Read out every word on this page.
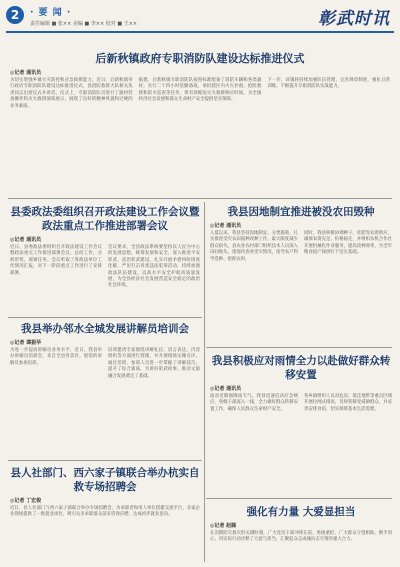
2	· 要 闻 ·
责任编辑 ■ 张×× 美编 ■ 李×× 校对 ■ 王××	彰武时讯
后新秋镇政府专职消防队建设达标推进仪式
◎记者 通讯员

为切实增强乡镇火灾防控和应急救援能力，近日，后新秋镇举行政府专职消防队建设达标推进仪式，县消防救援大队相关负责同志出席仪式并讲话。仪式上，专职消防队员进行了器材装备操作和灭火救援演练展示，展现了良好的精神风貌和过硬的业务素质。

据悉，后新秋镇专职消防队按照标准配备了消防车辆和各类器材，实行二十四小时驻勤备战，承担辖区内火灾扑救、抢险救援和防火巡查等任务，将有效缩短灭火救援响应时间，为全镇经济社会发展和群众生命财产安全提供坚实保障。

下一步，该镇将持续加强队伍管理，完善规章制度，强化日常训练，不断提升专职消防队实战能力。

县委政法委组织召开政法建设工作会议暨政法重点工作推进部署会议
◎记者 通讯员

近日，县委政法委组织召开政法建设工作会议暨政法重点工作推进部署会议，总结工作，分析形势，部署任务。会议听取了各政法单位工作情况汇报，对下一阶段重点工作进行了安排部署。

会议要求，全县政法系统要坚持以人民为中心的发展思想，统筹发展和安全，深入推进平安彰武、法治彰武建设，扎实开展矛盾纠纷排查化解，严厉打击各类违法犯罪活动，持续加强政法队伍建设，以高水平安全护航高质量发展，为全县经济社会发展营造安全稳定的政治社会环境。

我县因地制宜推进被没农田毁种
◎记者 通讯员

入夏以来，我县坚持因地制宜、分类施策，扎实推进受灾农田毁种改种工作，最大限度减少群众损失。县农业农村部门组织技术人员深入田间地头，逐地块查看受灾情况，指导农户科学选种、抢抓农时。

同时，我县积极协调种子、化肥等农资供应，确保农资充足、价格稳定，并组织农机合作社开展机械化作业服务，提高改种效率，为全年粮食稳产保供打下坚实基础。

我县举办邻水全城发展讲解员培训会
◎记者 谭振华

为进一步提高讲解员业务水平，近日，我县举办讲解员培训会，来自全县各景区、展馆的讲解员参加培训。

培训邀请专家围绕讲解礼仪、语言表达、内容组织等方面进行授课，并开展现场实操点评。通过培训，参训人员进一步掌握了讲解技巧，提升了综合素质，为讲好彰武故事、推动文旅融合发展奠定了基础。

我县积极应对雨情全力以赴做好群众转移安置
◎记者 通讯员

面对近期强降雨天气，我县迅速启动应急响应，各级干部深入一线，全力做好群众转移安置工作，确保人民群众生命财产安全。

各乡镇组织人员对危房、低洼地带等重点区域开展拉网式排查，及时转移受威胁群众，并妥善安排食宿，切实保障基本生活需要。

县人社部门、西六家子镇联合举办杭实自救专场招聘会
◎记者 丁宏俊

近日，县人社部门与西六家子镇联合举办专场招聘会，为求职者和用人单位搭建交流平台，多家企业现场提供了一批就业岗位，吸引众多求职群众前来咨询应聘，达成初步就业意向。	强化有力量 大爱显担当
◎记者 赵腾

在汛期防灾救灾的关键时刻，广大党员干部冲锋在前、勇挑重担，广大群众守望相助、携手同心，用实际行动诠释了大爱与担当，汇聚起众志成城抗击灾情的强大合力。
